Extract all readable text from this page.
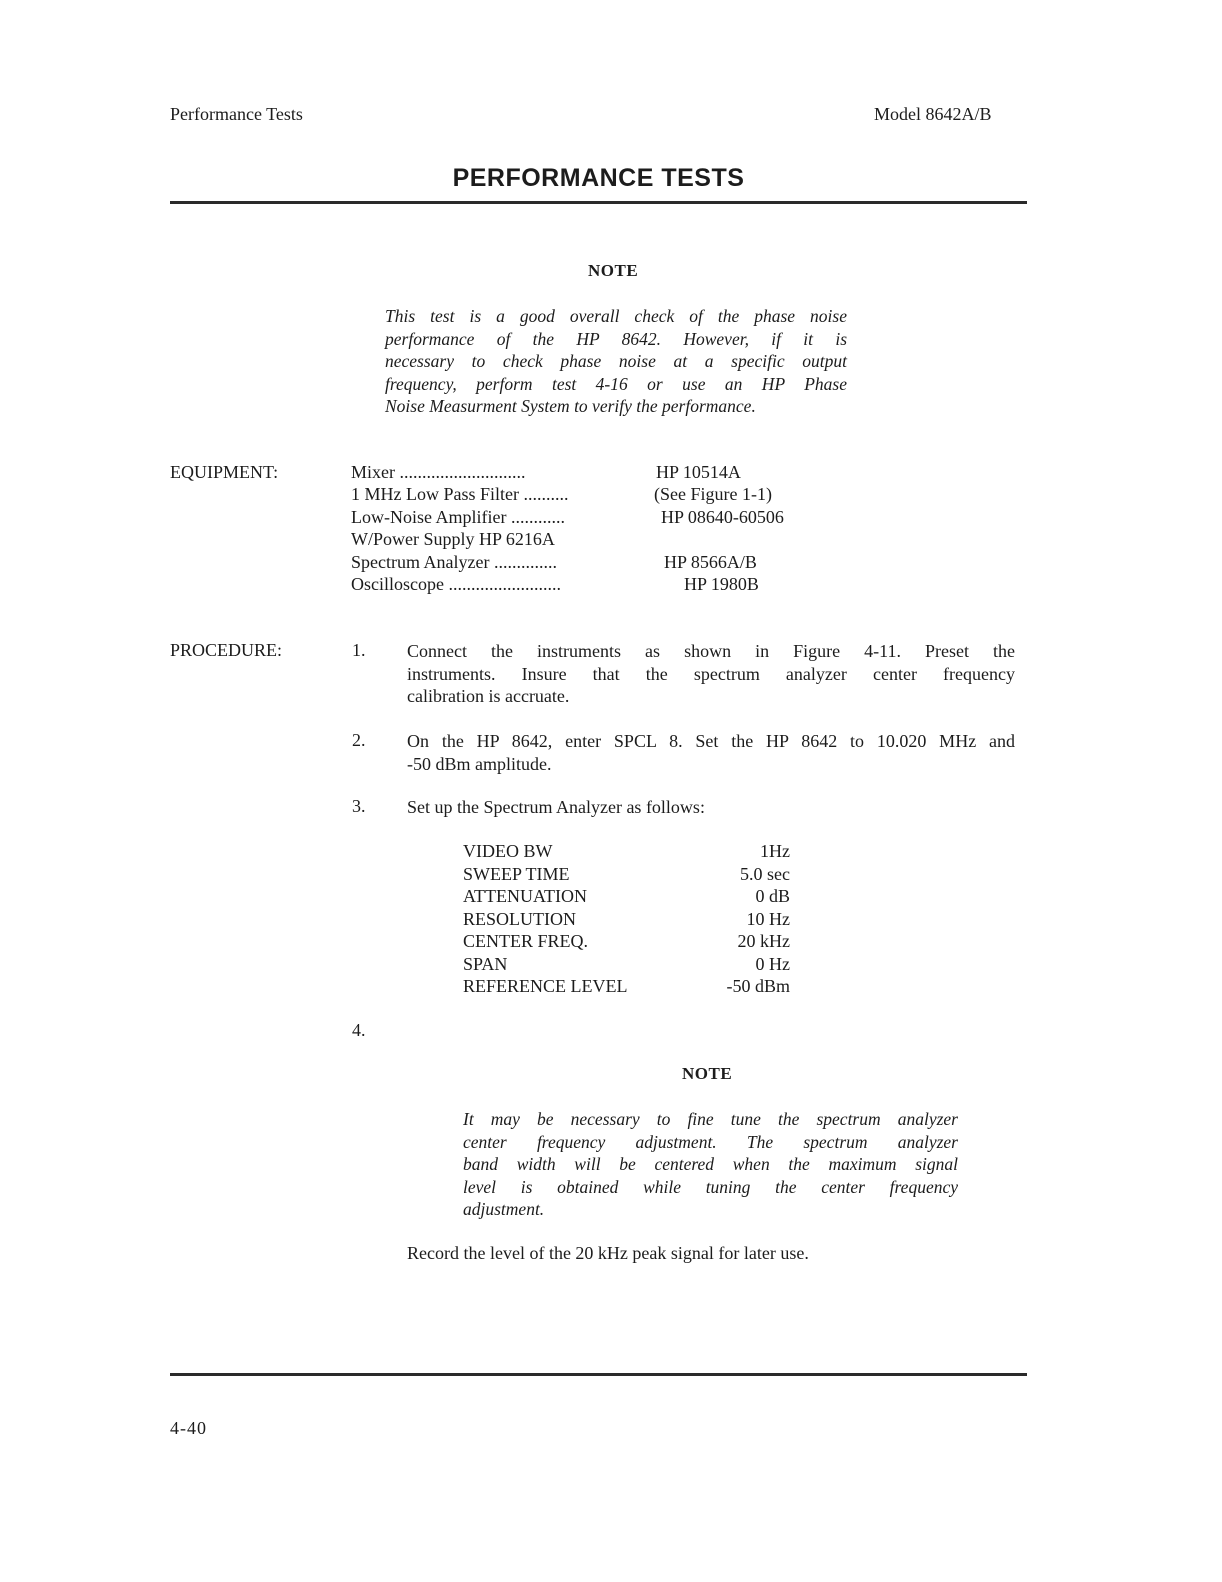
Performance Tests	Model 8642A/B
PERFORMANCE TESTS
NOTE

This test is a good overall check of the phase noise

performance of the HP 8642. However, if it is

necessary to check phase noise at a specific output

frequency, perform test 4-16 or use an HP Phase

Noise Measurment System to verify the performance.

EQUIPMENT:	Mixer ............................	HP 10514A
1 MHz Low Pass Filter ..........	(See Figure 1-1)
Low-Noise Amplifier ............	HP 08640-60506
W/Power Supply HP 6216A
Spectrum Analyzer ..............	HP 8566A/B
Oscilloscope .........................	HP 1980B
PROCEDURE:	1. Connect the instruments as shown in Figure 4-11. Preset the

instruments. Insure that the spectrum analyzer center frequency

calibration is accruate.

2. On the HP 8642, enter SPCL 8. Set the HP 8642 to 10.020 MHz and

-50 dBm amplitude.

3. Set up the Spectrum Analyzer as follows:

VIDEO BW	1Hz
SWEEP TIME	5.0 sec
ATTENUATION	0 dB
RESOLUTION	10 Hz
CENTER FREQ.	20 kHz
SPAN	0 Hz
REFERENCE LEVEL	-50 dBm
4.
NOTE

It may be necessary to fine tune the spectrum analyzer

center frequency adjustment. The spectrum analyzer

band width will be centered when the maximum signal

level is obtained while tuning the center frequency

adjustment.

Record the level of the 20 kHz peak signal for later use.
4-40
